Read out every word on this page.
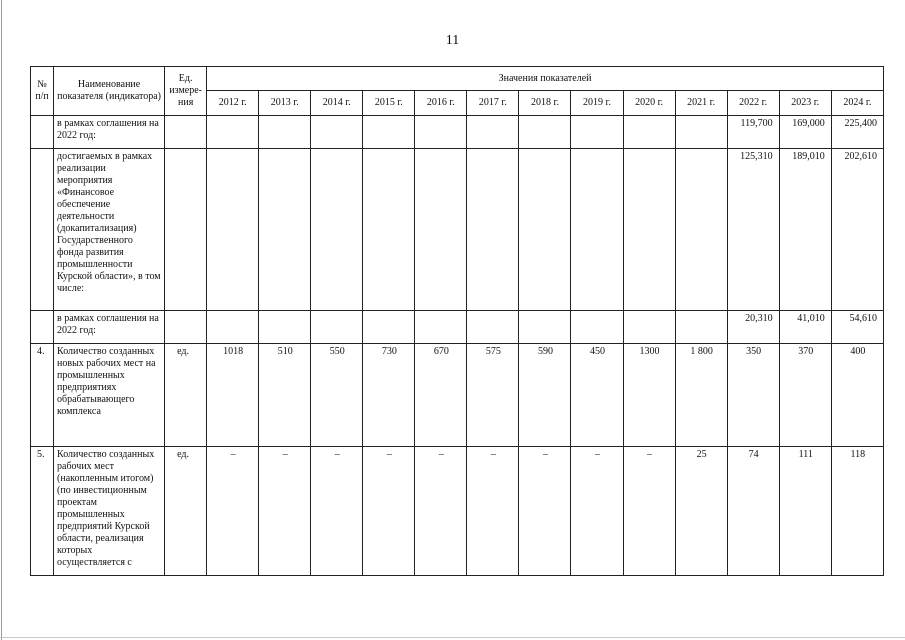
11
№ п/п	Наименование показателя (индикатора)	Ед. измере-ния	Значения показателей												
			2012 г.	2013 г.	2014 г.	2015 г.	2016 г.	2017 г.	2018 г.	2019 г.	2020 г.	2021 г.	2022 г.	2023 г.	2024 г.
	в рамках соглашения на 2022 год:												119,700	169,000	225,400
	достигаемых в рамках реализации мероприятия «Финансовое обеспечение деятельности (докапитализация) Государственного фонда развития промышленности Курской области», в том числе:												125,310	189,010	202,610
	в рамках соглашения на 2022 год:												20,310	41,010	54,610
4.	Количество созданных новых рабочих мест на промышленных предприятиях обрабатывающего комплекса	ед.	1018	510	550	730	670	575	590	450	1300	1 800	350	370	400
5.	Количество созданных рабочих мест (накопленным итогом) (по инвестиционным проектам промышленных предприятий Курской области, реализация которых осуществляется с	ед.	–	–	–	–	–	–	–	–	–	25	74	111	118
